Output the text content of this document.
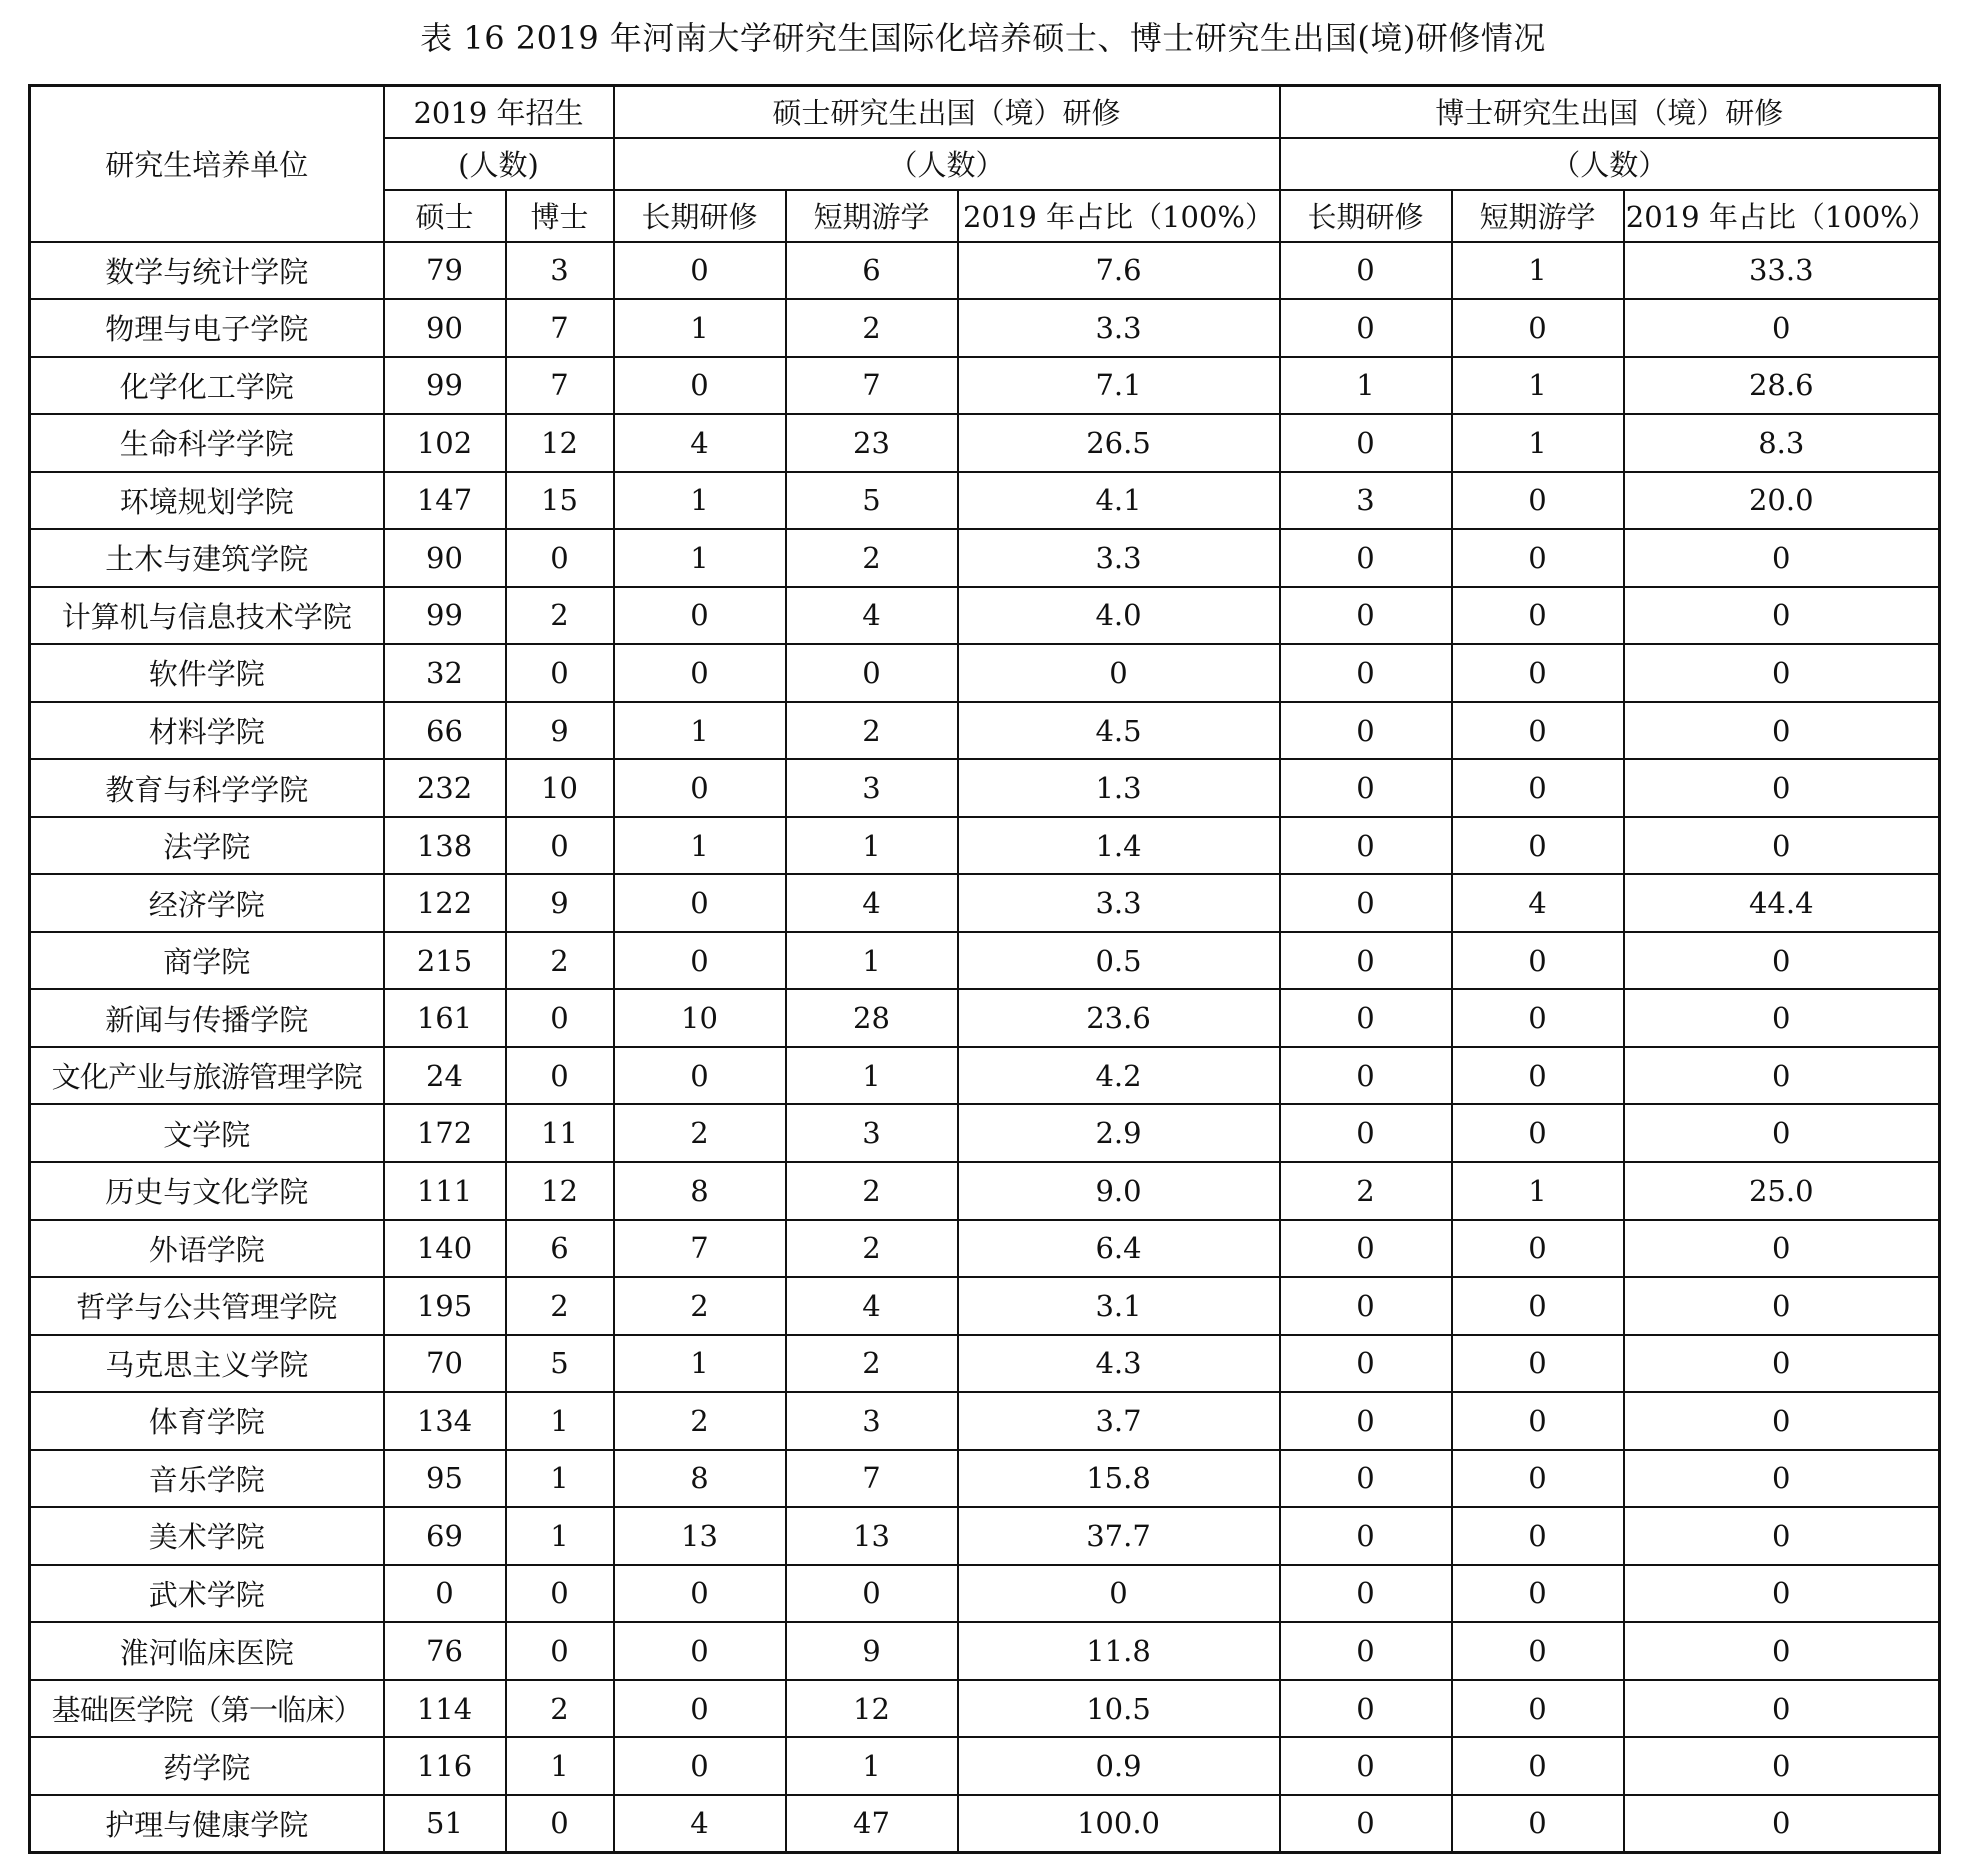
表 16 2019 年河南大学研究生国际化培养硕士、博士研究生出国(境)研修情况
研究生培养单位	2019 年招生		硕士研究生出国（境）研修			博士研究生出国（境）研修		
	(人数)		（人数）			（人数）		
	硕士	博士	长期研修	短期游学	2019 年占比（100%）	长期研修	短期游学	2019 年占比（100%）
数学与统计学院	79	3	0	6	7.6	0	1	33.3
物理与电子学院	90	7	1	2	3.3	0	0	0
化学化工学院	99	7	0	7	7.1	1	1	28.6
生命科学学院	102	12	4	23	26.5	0	1	8.3
环境规划学院	147	15	1	5	4.1	3	0	20.0
土木与建筑学院	90	0	1	2	3.3	0	0	0
计算机与信息技术学院	99	2	0	4	4.0	0	0	0
软件学院	32	0	0	0	0	0	0	0
材料学院	66	9	1	2	4.5	0	0	0
教育与科学学院	232	10	0	3	1.3	0	0	0
法学院	138	0	1	1	1.4	0	0	0
经济学院	122	9	0	4	3.3	0	4	44.4
商学院	215	2	0	1	0.5	0	0	0
新闻与传播学院	161	0	10	28	23.6	0	0	0
文化产业与旅游管理学院	24	0	0	1	4.2	0	0	0
文学院	172	11	2	3	2.9	0	0	0
历史与文化学院	111	12	8	2	9.0	2	1	25.0
外语学院	140	6	7	2	6.4	0	0	0
哲学与公共管理学院	195	2	2	4	3.1	0	0	0
马克思主义学院	70	5	1	2	4.3	0	0	0
体育学院	134	1	2	3	3.7	0	0	0
音乐学院	95	1	8	7	15.8	0	0	0
美术学院	69	1	13	13	37.7	0	0	0
武术学院	0	0	0	0	0	0	0	0
淮河临床医院	76	0	0	9	11.8	0	0	0
基础医学院（第一临床）	114	2	0	12	10.5	0	0	0
药学院	116	1	0	1	0.9	0	0	0
护理与健康学院	51	0	4	47	100.0	0	0	0
